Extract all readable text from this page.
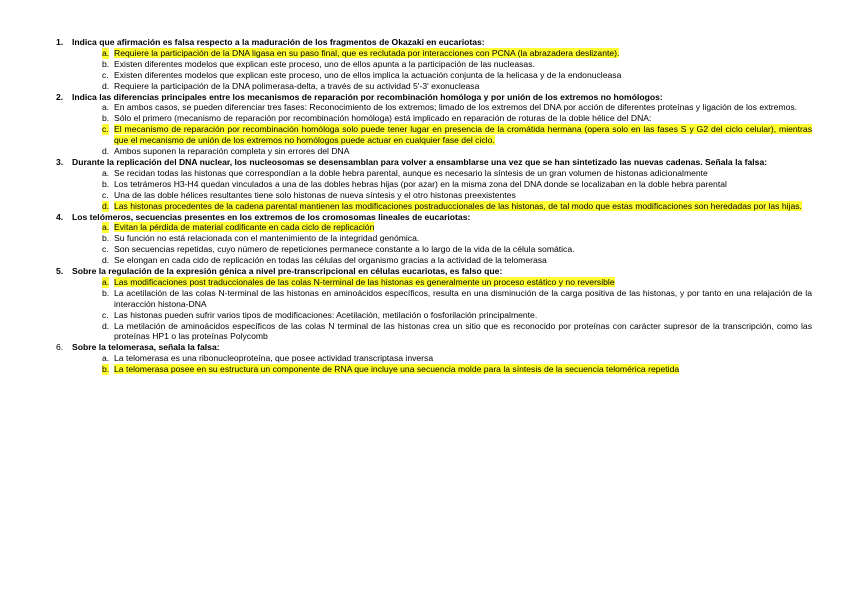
1.	Indica que afirmación es falsa respecto a la maduración de los fragmentos de Okazaki en eucariotas:
a. Requiere la participación de la DNA ligasa en su paso final, que es reclutada por interacciones con PCNA (la abrazadera deslizante).
b. Existen diferentes modelos que explican este proceso, uno de ellos apunta a la participación de las nucleasas.
c. Existen diferentes modelos que explican este proceso, uno de ellos implica la actuación conjunta de la helicasa y de la endonucleasa
d. Requiere la participación de la DNA polimerasa-delta, a través de su actividad 5'-3' exonucleasa
2.	Indica las diferencias principales entre los mecanismos de reparación por recombinación homóloga y por unión de los extremos no homólogos:
a. En ambos casos, se pueden diferenciar tres fases: Reconocimiento de los extremos; limado de los extremos del DNA por acción de diferentes proteínas y ligación de los extremos.
b. Sólo el primero (mecanismo de reparación por recombinación homóloga) está implicado en reparación de roturas de la doble hélice del DNA:
c. El mecanismo de reparación por recombinación homóloga solo puede tener lugar en presencia de la cromátida hermana (opera solo en las fases S y G2 del ciclo celular), mientras que el mecanismo de unión de los extremos no homólogos puede actuar en cualquier fase del ciclo.
d. Ambos suponen la reparación completa y sin errores del DNA
3.	Durante la replicación del DNA nuclear, los nucleosomas se desensamblan para volver a ensamblarse una vez que se han sintetizado las nuevas cadenas. Señala la falsa:
a. Se recidan todas las histonas que correspondían a la doble hebra parental, aunque es necesario la síntesis de un gran volumen de histonas adicionalmente
b. Los tetrámeros H3-H4 quedan vinculados a una de las dobles hebras hijas (por azar) en la misma zona del DNA donde se localizaban en la doble hebra parental
c. Una de las doble hélices resultantes tiene solo histonas de nueva síntesis y el otro histonas preexistentes
d. Las histonas procedentes de la cadena parental mantienen las modificaciones postraduccionales de las histonas, de tal modo que estas modificaciones son heredadas por las hijas.
4.	Los telómeros, secuencias presentes en los extremos de los cromosomas lineales de eucariotas:
a. Evitan la pérdida de material codificante en cada ciclo de replicación
b. Su función no está relacionada con el mantenimiento de la integridad genómica.
c. Son secuencias repetidas, cuyo número de repeticiones permanece constante a lo largo de la vida de la célula somática.
d. Se elongan en cada cido de replicación en todas las células del organismo gracias a la actividad de la telomerasa
5.	Sobre la regulación de la expresión génica a nivel pre-transcripcional en células eucariotas, es falso que:
a. Las modificaciones post traduccionales de las colas N-terminal de las histonas es generalmente un proceso estático y no reversible
b. La acetilación de las colas N-terminal de las histonas en aminoácidos específicos, resulta en una disminución de la carga positiva de las histonas, y por tanto en una relajación de la interacción histona-DNA
c. Las histonas pueden sufrir varios tipos de modificaciones: Acetilación, metilación o fosforilación principalmente.
d. La metilación de aminoácidos específicos de las colas N terminal de las histonas crea un sitio que es reconocido por proteínas con carácter supresor de la transcripción, como las proteínas HP1 o las proteínas Polycomb
6.	Sobre la telomerasa, señala la falsa:
a. La telomerasa es una ribonucleoproteína, que posee actividad transcriptasa inversa
b. La telomerasa posee en su estructura un componente de RNA que incluye una secuencia molde para la síntesis de la secuencia telomérica repetida
